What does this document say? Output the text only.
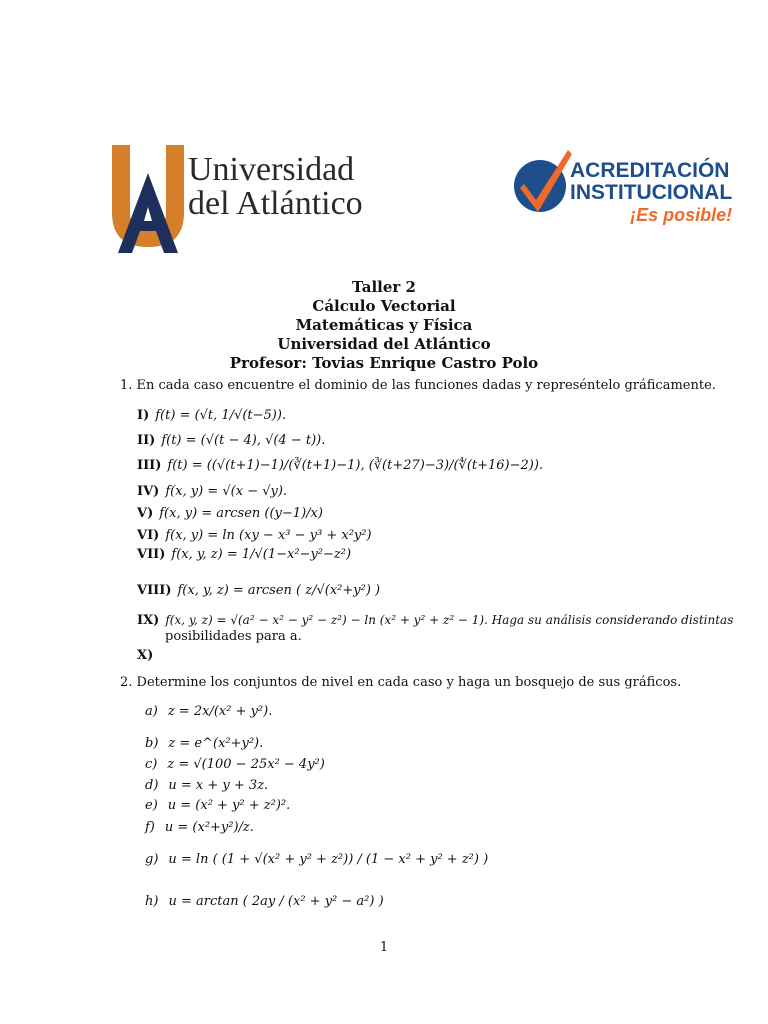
Universidad
del Atlántico
ACREDITACIÓN
INSTITUCIONAL
¡Es posible!
Taller 2
Cálculo Vectorial
Matemáticas y Física
Universidad del Atlántico
Profesor: Tovias Enrique Castro Polo
1. En cada caso encuentre el dominio de las funciones dadas y represéntelo gráficamente.
I) f(t) = (√t, 1/√(t−5)).
II) f(t) = (√(t − 4), √(4 − t)).
III) f(t) = ((√(t+1)−1)/(∛(t+1)−1), (∛(t+27)−3)/(∜(t+16)−2)).
IV) f(x, y) = √(x − √y).
V) f(x, y) = arcsen ((y−1)/x)
VI) f(x, y) = ln (xy − x³ − y³ + x²y²)
VII) f(x, y, z) = 1/√(1−x²−y²−z²)
VIII) f(x, y, z) = arcsen ( z/√(x²+y²) )
IX) f(x, y, z) = √(a² − x² − y² − z²) − ln (x² + y² + z² − 1). Haga su análisis considerando distintas
posibilidades para a.
X)
2. Determine los conjuntos de nivel en cada caso y haga un bosquejo de sus gráficos.
a) z = 2x/(x² + y²).
b) z = e^(x²+y²).
c) z = √(100 − 25x² − 4y²)
d) u = x + y + 3z.
e) u = (x² + y² + z²)².
f) u = (x²+y²)/z.
g) u = ln ( (1 + √(x² + y² + z²)) / (1 − x² + y² + z²) )
h) u = arctan ( 2ay / (x² + y² − a²) )
1
